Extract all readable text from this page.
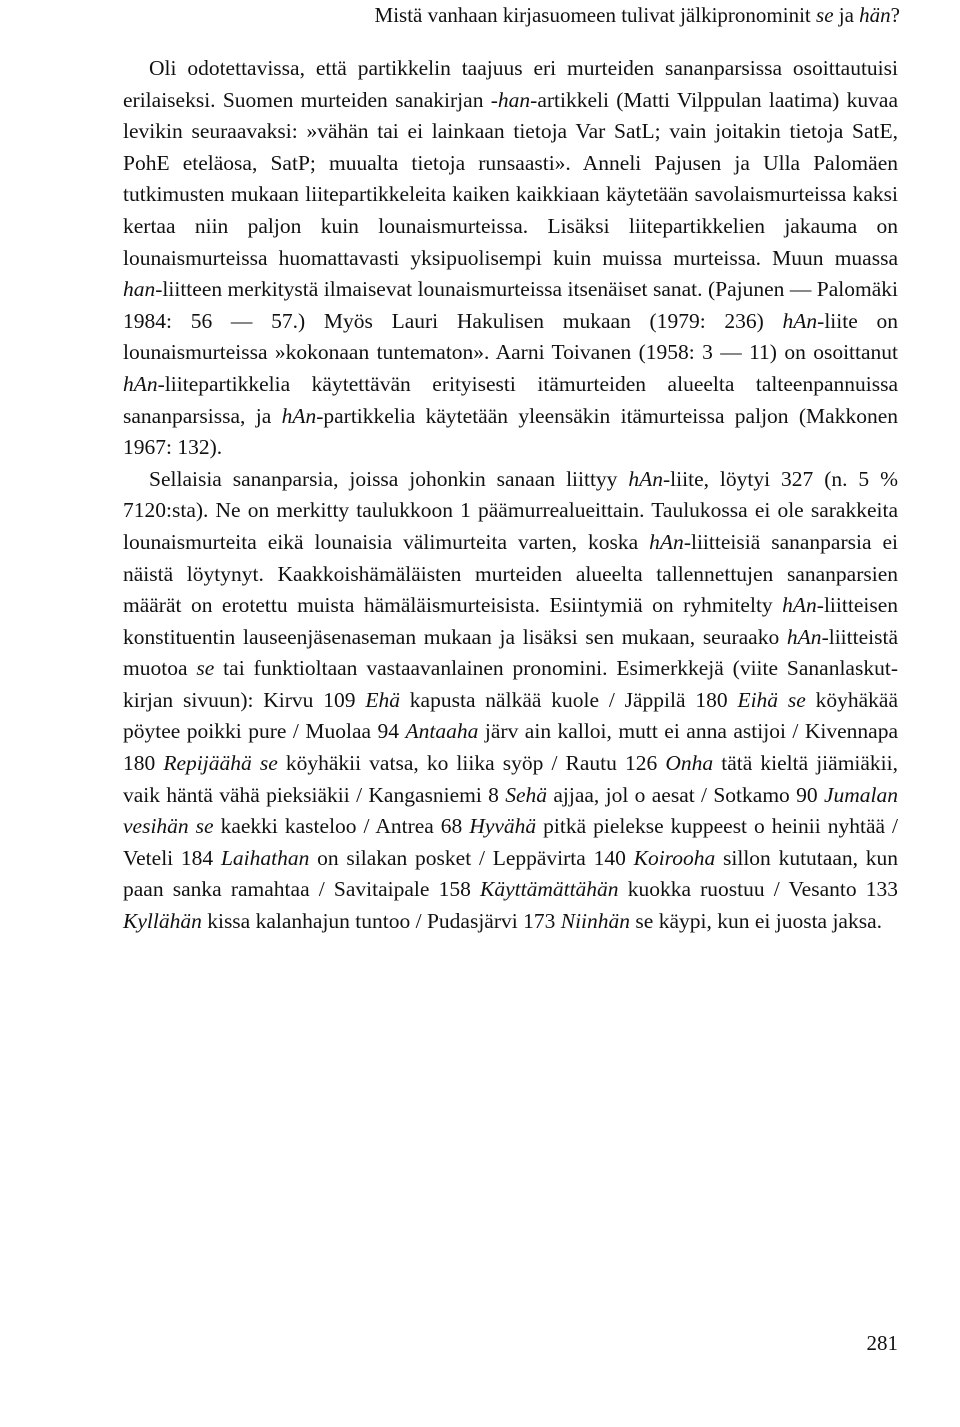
Mistä vanhaan kirjasuomeen tulivat jälkipronominit se ja hän?

Oli odotettavissa, että partikkelin taajuus eri murteiden sananparsissa osoittautuisi erilaiseksi. Suomen murteiden sanakirjan -han-artikkeli (Matti Vilppulan laatima) kuvaa levikin seuraavaksi: »vähän tai ei lainkaan tietoja Var SatL; vain joitakin tietoja SatE, PohE eteläosa, SatP; muualta tietoja runsaasti». Anneli Pajusen ja Ulla Palomäen tutkimusten mukaan liitepartikkeleita kaiken kaikkiaan käytetään savolaismurteissa kaksi kertaa niin paljon kuin lounaismurteissa. Lisäksi liitepartikkelien jakauma on lounaismurteissa huomattavasti yksipuolisempi kuin muissa murteissa. Muun muassa han-liitteen merkitystä ilmaisevat lounaismurteissa itsenäiset sanat. (Pajunen — Palomäki 1984: 56 — 57.) Myös Lauri Hakulisen mukaan (1979: 236) hAn-liite on lounaismurteissa »kokonaan tuntematon». Aarni Toivanen (1958: 3 — 11) on osoittanut hAn-liitepartikkelia käytettävän erityisesti itämurteiden alueelta talteenpannuissa sananparsissa, ja hAn-partikkelia käytetään yleensäkin itämurteissa paljon (Makkonen 1967: 132).

Sellaisia sananparsia, joissa johonkin sanaan liittyy hAn-liite, löytyi 327 (n. 5 % 7120:sta). Ne on merkitty taulukkoon 1 päämurrealueittain. Taulukossa ei ole sarakkeita lounaismurteita eikä lounaisia välimurteita varten, koska hAn-liitteisiä sananparsia ei näistä löytynyt. Kaakkoishämäläisten murteiden alueelta tallennettujen sananparsien määrät on erotettu muista hämäläismurteisista. Esiintymiä on ryhmitelty hAn-liitteisen konstituentin lauseenjäsenaseman mukaan ja lisäksi sen mukaan, seuraako hAn-liitteistä muotoa se tai funktioltaan vastaavanlainen pronomini. Esimerkkejä (viite Sananlaskut-kirjan sivuun): Kirvu 109 Ehä kapusta nälkää kuole / Jäppilä 180 Eihä se köyhäkää pöytee poikki pure / Muolaa 94 Antaaha järv ain kalloi, mutt ei anna astijoi / Kivennapa 180 Repijäähä se köyhäkii vatsa, ko liika syöp / Rautu 126 Onha tätä kieltä jiämiäkii, vaik häntä vähä pieksiäkii / Kangasniemi 8 Sehä ajjaa, jol o aesat / Sotkamo 90 Jumalan vesihän se kaekki kasteloo / Antrea 68 Hyvähä pitkä pielekse kuppeest o heinii nyhtää / Veteli 184 Laihathan on silakan posket / Leppävirta 140 Koirooha sillon kututaan, kun paan sanka ramahtaa / Savitaipale 158 Käyttämättähän kuokka ruostuu / Vesanto 133 Kyllähän kissa kalanhajun tuntoo / Pudasjärvi 173 Niinhän se käypi, kun ei juosta jaksa.

281
